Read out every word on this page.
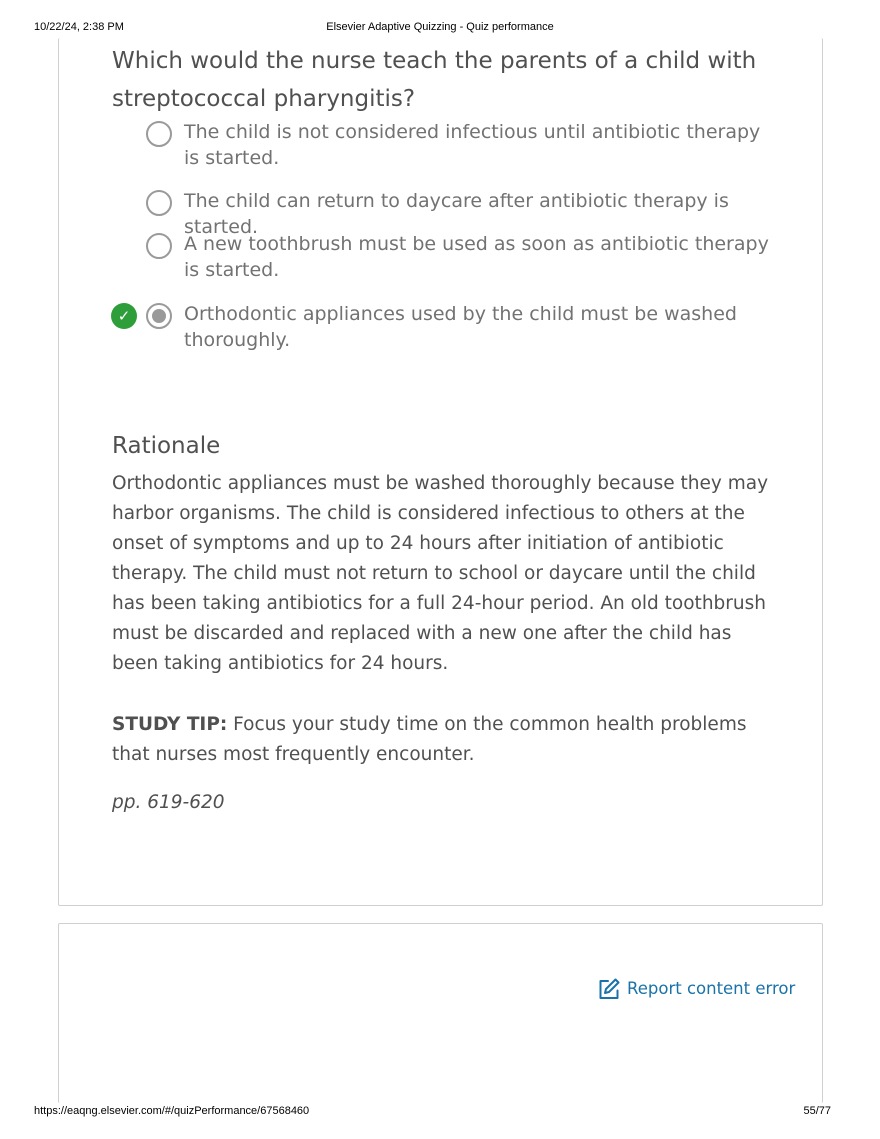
10/22/24, 2:38 PM	Elsevier Adaptive Quizzing - Quiz performance
Which would the nurse teach the parents of a child with streptococcal pharyngitis?
The child is not considered infectious until antibiotic therapy is started.
The child can return to daycare after antibiotic therapy is started.
A new toothbrush must be used as soon as antibiotic therapy is started.
✓	Orthodontic appliances used by the child must be washed thoroughly.
Rationale
Orthodontic appliances must be washed thoroughly because they may harbor organisms. The child is considered infectious to others at the onset of symptoms and up to 24 hours after initiation of antibiotic therapy. The child must not return to school or daycare until the child has been taking antibiotics for a full 24-hour period. An old toothbrush must be discarded and replaced with a new one after the child has been taking antibiotics for 24 hours.
STUDY TIP: Focus your study time on the common health problems that nurses most frequently encounter.
pp. 619-620
Report content error
https://eaqng.elsevier.com/#/quizPerformance/67568460	55/77
